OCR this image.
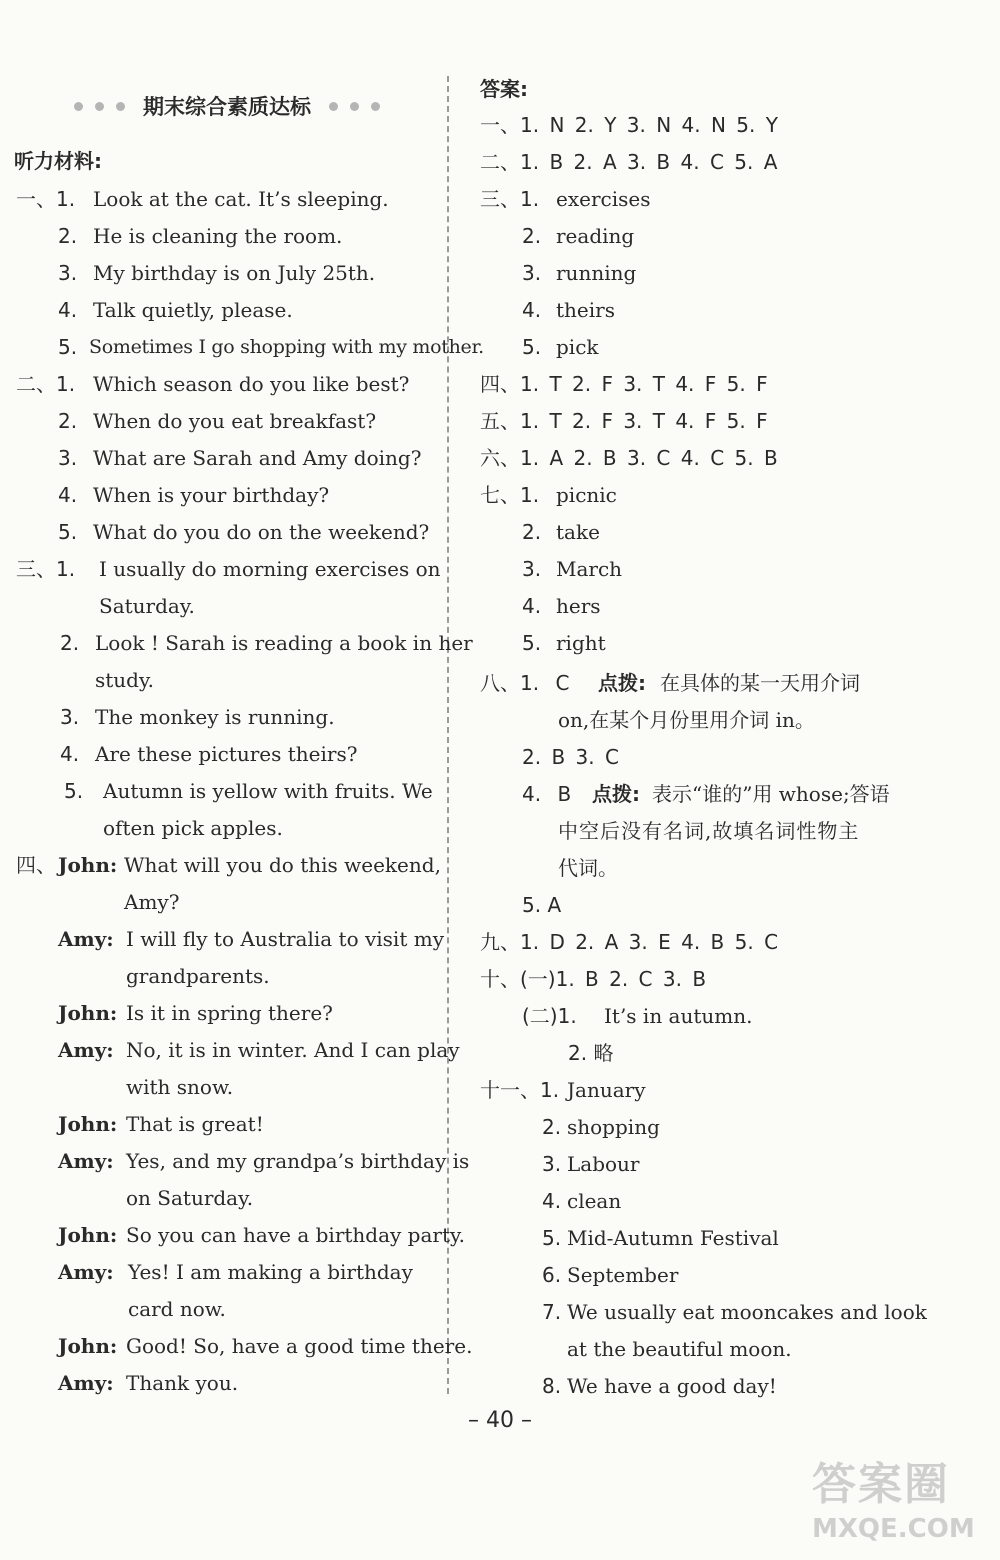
期末综合素质达标
听力材料:
一、1. Look at the cat. It’s sleeping.
2. He is cleaning the room.
3. My birthday is on July 25th.
4. Talk quietly, please.
5. Sometimes I go shopping with my mother.
二、1. Which season do you like best?
2. When do you eat breakfast?
3. What are Sarah and Amy doing?
4. When is your birthday?
5. What do you do on the weekend?
三、1. I usually do morning exercises on
Saturday.
2. Look ! Sarah is reading a book in her
study.
3. The monkey is running.
4. Are these pictures theirs?
5. Autumn is yellow with fruits. We
often pick apples.
四、 John: What will you do this weekend,
Amy?
Amy: I will fly to Australia to visit my
grandparents.
John: Is it in spring there?
Amy: No, it is in winter. And I can play
with snow.
John: That is great!
Amy: Yes, and my grandpa’s birthday is
on Saturday.
John: So you can have a birthday party.
Amy: Yes! I am making a birthday
card now.
John: Good! So, have a good time there.
Amy: Thank you.
答案:
一、1. N 2. Y 3. N 4. N 5. Y
二、1. B 2. A 3. B 4. C 5. A
三、1. exercises
2. reading
3. running
4. theirs
5. pick
四、1. T 2. F 3. T 4. F 5. F
五、1. T 2. F 3. T 4. F 5. F
六、1. A 2. B 3. C 4. C 5. B
七、1. picnic
2. take
3. March
4. hers
5. right
八、1. C 点拨: 在具体的某一天用介词
on,在某个月份里用介词 in。
2. B 3. C
4. B 点拨: 表示“谁的”用 whose;答语
中空后没有名词,故填名词性物主
代词。
5. A
九、1. D 2. A 3. E 4. B 5. C
十、(一)1. B 2. C 3. B
(二)1. It’s in autumn.
2. 略
十一、1. January
2. shopping
3. Labour
4. clean
5. Mid-Autumn Festival
6. September
7. We usually eat mooncakes and look
at the beautiful moon.
8. We have a good day!
– 40 –
答案圈
MXQE.COM
